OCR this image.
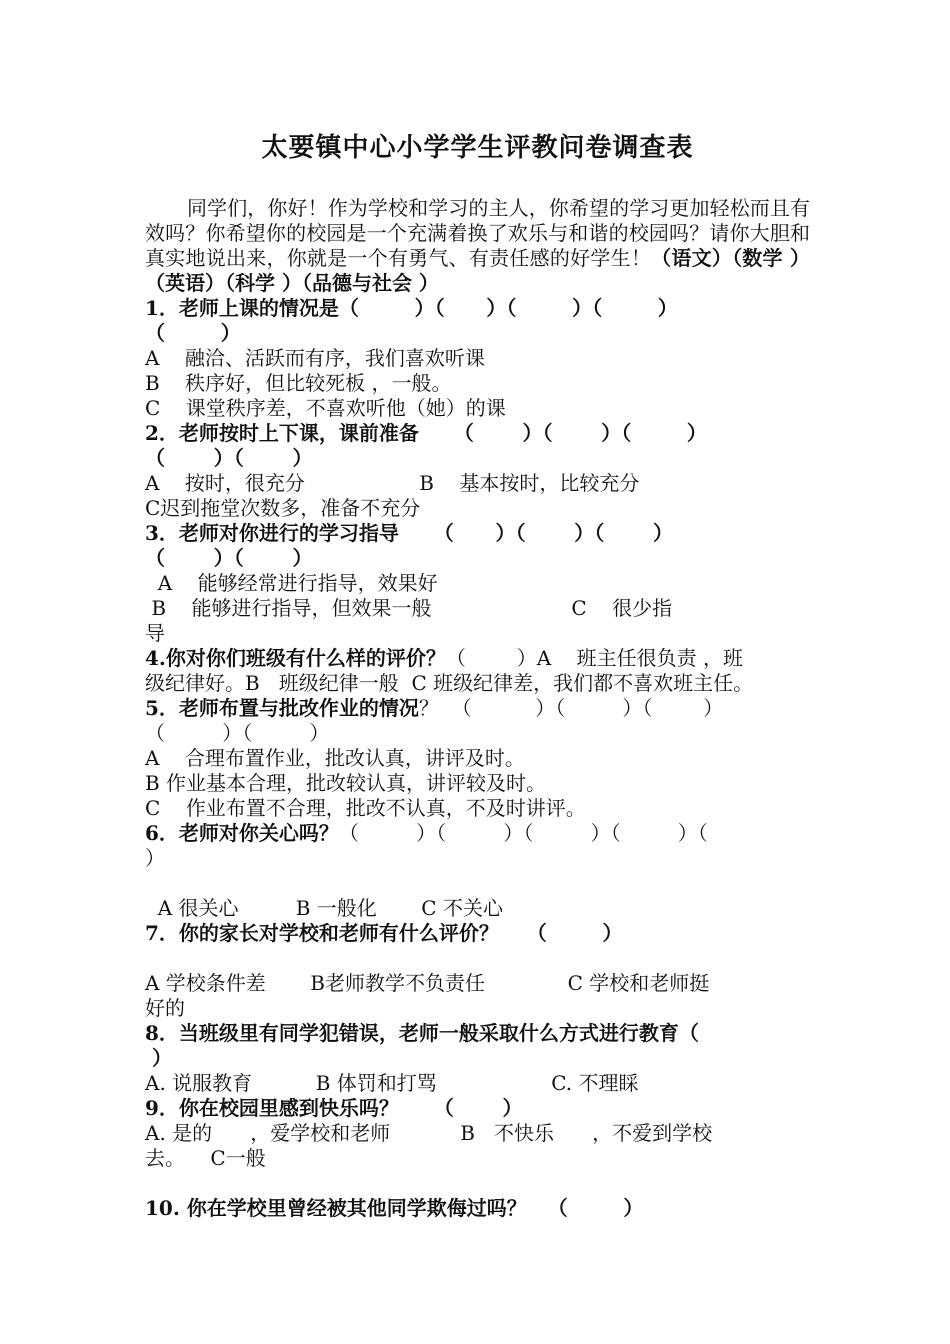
太要镇中心小学学生评教问卷调查表

同学们，你好！作为学校和学习的主人，你希望的学习更加轻松而且有效吗？你希望你的校园是一个充满着换了欢乐与和谐的校园吗？请你大胆和真实地说出来，你就是一个有勇气、有责任感的好学生！（语文）（数学 ）（英语）（科学 ）（品德与社会 ）

1．老师上课的情况是（        ）（      ）（        ）（        ）

（        ）

A    融洽、活跃而有序，我们喜欢听课

B    秩序好，但比较死板 ，一般。

C    课堂秩序差，不喜欢听他（她）的课

2．老师按时上下课，课前准备     （       ）（       ）（        ）

（       ）（       ）

A    按时，很充分                  B    基本按时，比较充分

C迟到拖堂次数多，准备不充分

3．老师对你进行的学习指导     （      ）（       ）（       ）

（       ）（       ）

A    能够经常进行指导，效果好

B    能够进行指导，但效果一般                      C    很少指

导

4.你对你们班级有什么样的评价？（        ）A    班主任很负责 ，班

级纪律好。B   班级纪律一般  C 班级纪律差，我们都不喜欢班主任。

5．老师布置与批改作业的情况？  （          ）（         ）（        ）

（         ）（         ）

A    合理布置作业，批改认真，讲评及时。

B 作业基本合理，批改较认真，讲评较及时。

C    作业布置不合理，批改不认真，不及时讲评。

6．老师对你关心吗？（         ）（         ）（         ）（         ）（

）

A 很关心         B 一般化       C 不关心

7．你的家长对学校和老师有什么评价？    （        ）

A 学校条件差       B老师教学不负责任             C 学校和老师挺

好的

8．当班级里有同学犯错误，老师一般采取什么方式进行教育（

）

A. 说服教育          B 体罚和打骂                  C. 不理睬

9．你在校园里感到快乐吗？     （       ）

A. 是的      ，爱学校和老师           B   不快乐      ，不爱到学校

去。    C一般

10. 你在学校里曾经被其他同学欺侮过吗？   （        ）
